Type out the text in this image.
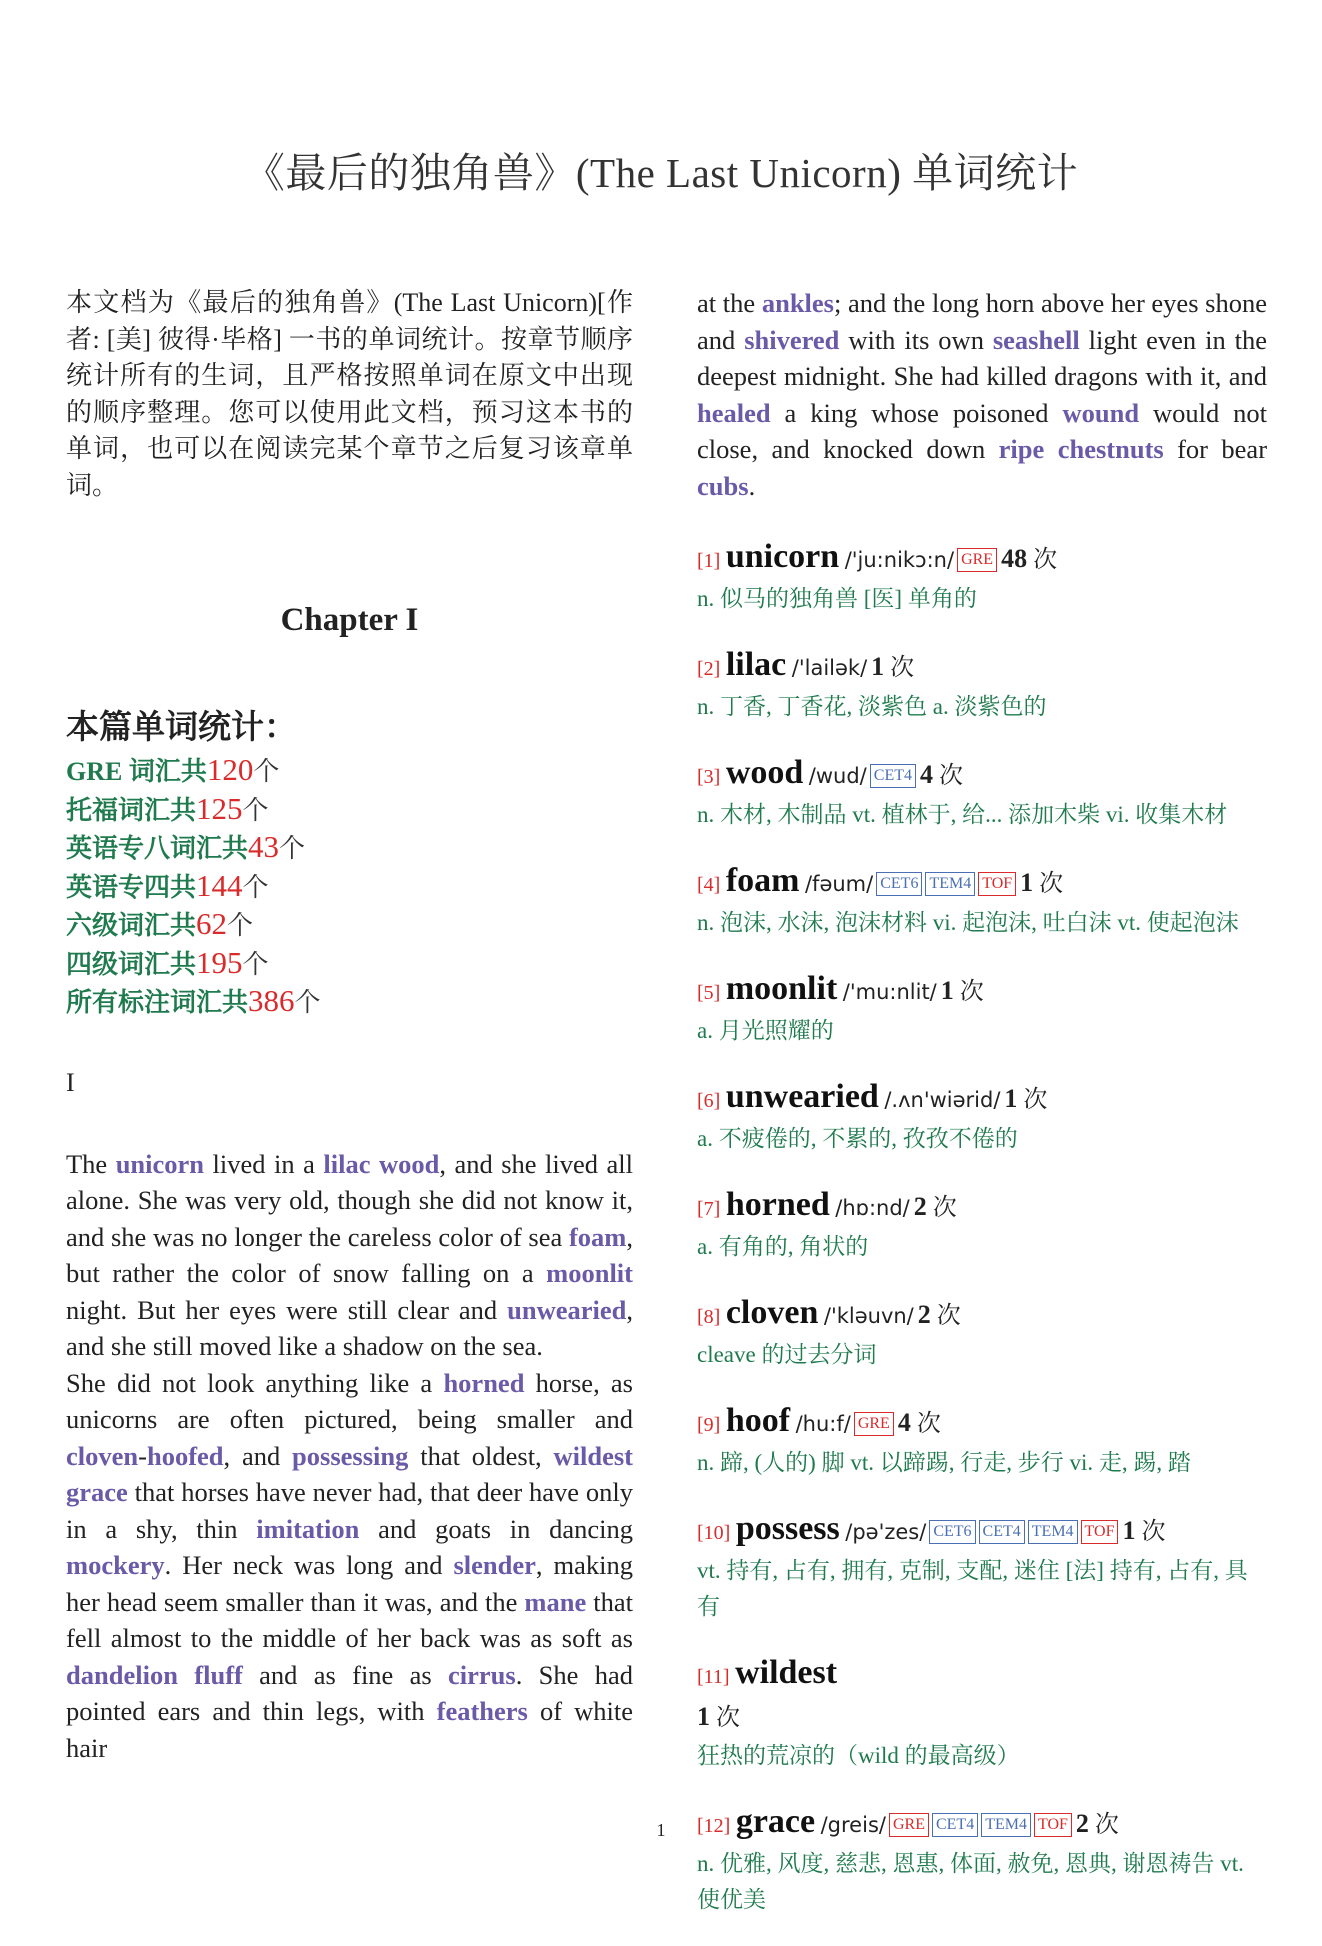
《最后的独角兽》(The Last Unicorn) 单词统计

本文档为《最后的独角兽》(The Last Unicorn)[作者: [美] 彼得·毕格] 一书的单词统计。按章节顺序统计所有的生词，且严格按照单词在原文中出现的顺序整理。您可以使用此文档，预习这本书的单词，也可以在阅读完某个章节之后复习该章单词。

Chapter I
本篇单词统计：
GRE 词汇共120个
托福词汇共125个
英语专八词汇共43个
英语专四共144个
六级词汇共62个
四级词汇共195个
所有标注词汇共386个
I

The unicorn lived in a lilac wood, and she lived all alone. She was very old, though she did not know it, and she was no longer the careless color of sea foam, but rather the color of snow falling on a moonlit night. But her eyes were still clear and unwearied, and she still moved like a shadow on the sea.

She did not look anything like a horned horse, as unicorns are often pictured, being smaller and cloven-hoofed, and possessing that oldest, wildest grace that horses have never had, that deer have only in a shy, thin imitation and goats in dancing mockery. Her neck was long and slender, making her head seem smaller than it was, and the mane that fell almost to the middle of her back was as soft as dandelion fluff and as fine as cirrus. She had pointed ears and thin legs, with feathers of white hair

at the ankles; and the long horn above her eyes shone and shivered with its own seashell light even in the deepest midnight. She had killed dragons with it, and healed a king whose poisoned wound would not close, and knocked down ripe chestnuts for bear cubs.

[1] unicorn /'ju:nikɔ:n/ GRE 48 次
n. 似马的独角兽 [医] 单角的
[2] lilac /'lailək/ 1 次
n. 丁香, 丁香花, 淡紫色 a. 淡紫色的
[3] wood /wud/ CET4 4 次
n. 木材, 木制品 vt. 植林于, 给... 添加木柴 vi. 收集木材
[4] foam /fəum/ CET6 TEM4 TOF 1 次
n. 泡沫, 水沫, 泡沫材料 vi. 起泡沫, 吐白沫 vt. 使起泡沫
[5] moonlit /'mu:nlit/ 1 次
a. 月光照耀的
[6] unwearied /.ʌn'wiərid/ 1 次
a. 不疲倦的, 不累的, 孜孜不倦的
[7] horned /hɒ:nd/ 2 次
a. 有角的, 角状的
[8] cloven /'kləuvn/ 2 次
cleave 的过去分词
[9] hoof /hu:f/ GRE 4 次
n. 蹄, (人的) 脚 vt. 以蹄踢, 行走, 步行 vi. 走, 踢, 踏
[10] possess /pə'zes/ CET6 CET4 TEM4 TOF 1 次
vt. 持有, 占有, 拥有, 克制, 支配, 迷住 [法] 持有, 占有, 具有
[11] wildest
1 次
狂热的荒凉的（wild 的最高级）
[12] grace /greis/ GRE CET4 TEM4 TOF 2 次
n. 优雅, 风度, 慈悲, 恩惠, 体面, 赦免, 恩典, 谢恩祷告 vt. 使优美
1
